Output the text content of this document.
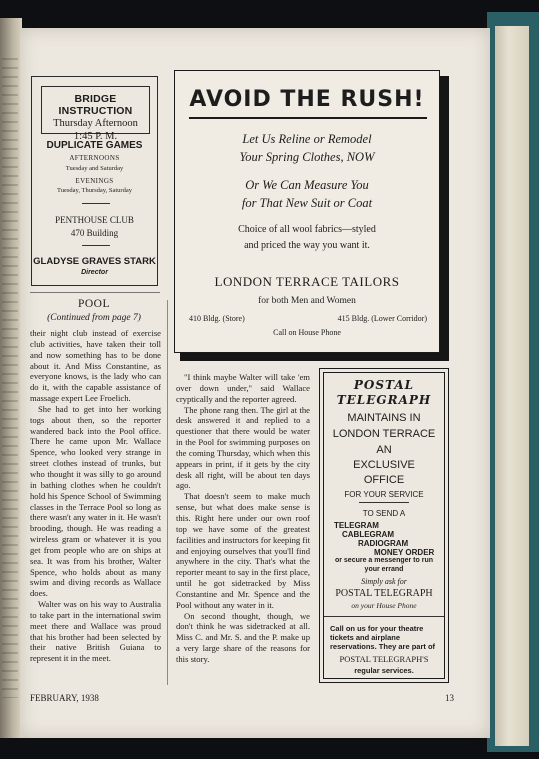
BRIDGE INSTRUCTION
Thursday Afternoon
1:45 P. M.
DUPLICATE GAMES
AFTERNOONS
Tuesday and Saturday
EVENINGS
Tuesday, Thursday, Saturday
PENTHOUSE CLUB
470 Building
GLADYSE GRAVES STARK
Director
POOL
(Continued from page 7)

their night club instead of exercise club activities, have taken their toll and now something has to be done about it. And Miss Constantine, as everyone knows, is the lady who can do it, with the capable assistance of massage expert Lee Froelich.

She had to get into her working togs about then, so the reporter wandered back into the Pool office. There he came upon Mr. Wallace Spence, who looked very strange in street clothes instead of trunks, but who thought it was silly to go around in bathing clothes when he couldn't hold his Spence School of Swimming classes in the Terrace Pool so long as there wasn't any water in it. He wasn't brooding, though. He was reading a wireless gram or whatever it is you get from people who are on ships at sea. It was from his brother, Walter Spence, who holds about as many swim and diving records as Wallace does.

Walter was on his way to Australia to take part in the international swim meet there and Wallace was proud that his brother had been selected by their native British Guiana to represent it in the meet.

"I think maybe Walter will take 'em over down under," said Wallace cryptically and the reporter agreed.

The phone rang then. The girl at the desk answered it and replied to a questioner that there would be water in the Pool for swimming purposes on the coming Thursday, which when this appears in print, if it gets by the city desk all right, will be about ten days ago.

That doesn't seem to make much sense, but what does make sense is this. Right here under our own roof top we have some of the greatest facilities and instructors for keeping fit and enjoying ourselves that you'll find anywhere in the city. That's what the reporter meant to say in the first place, until he got sidetracked by Miss Constantine and Mr. Spence and the Pool without any water in it.

On second thought, though, we don't think he was sidetracked at all. Miss C. and Mr. S. and the P. make up a very large share of the reasons for this story.

AVOID THE RUSH!
Let Us Reline or Remodel
Your Spring Clothes, NOW
Or We Can Measure You
for That New Suit or Coat
Choice of all wool fabrics—styled
and priced the way you want it.
LONDON TERRACE TAILORS
for both Men and Women
410 Bldg. (Store)	415 Bldg. (Lower Corridor)
Call on House Phone
POSTAL
TELEGRAPH
MAINTAINS IN
LONDON TERRACE
AN
EXCLUSIVE
OFFICE
FOR YOUR SERVICE
TO SEND A
TELEGRAM
CABLEGRAM
RADIOGRAM
MONEY ORDER
or secure a messenger to run your errand
Simply ask for
POSTAL TELEGRAPH
on your House Phone
Call on us for your theatre tickets and airplane reservations. They are part of
POSTAL TELEGRAPH'S
regular services.
FEBRUARY, 1938	13
